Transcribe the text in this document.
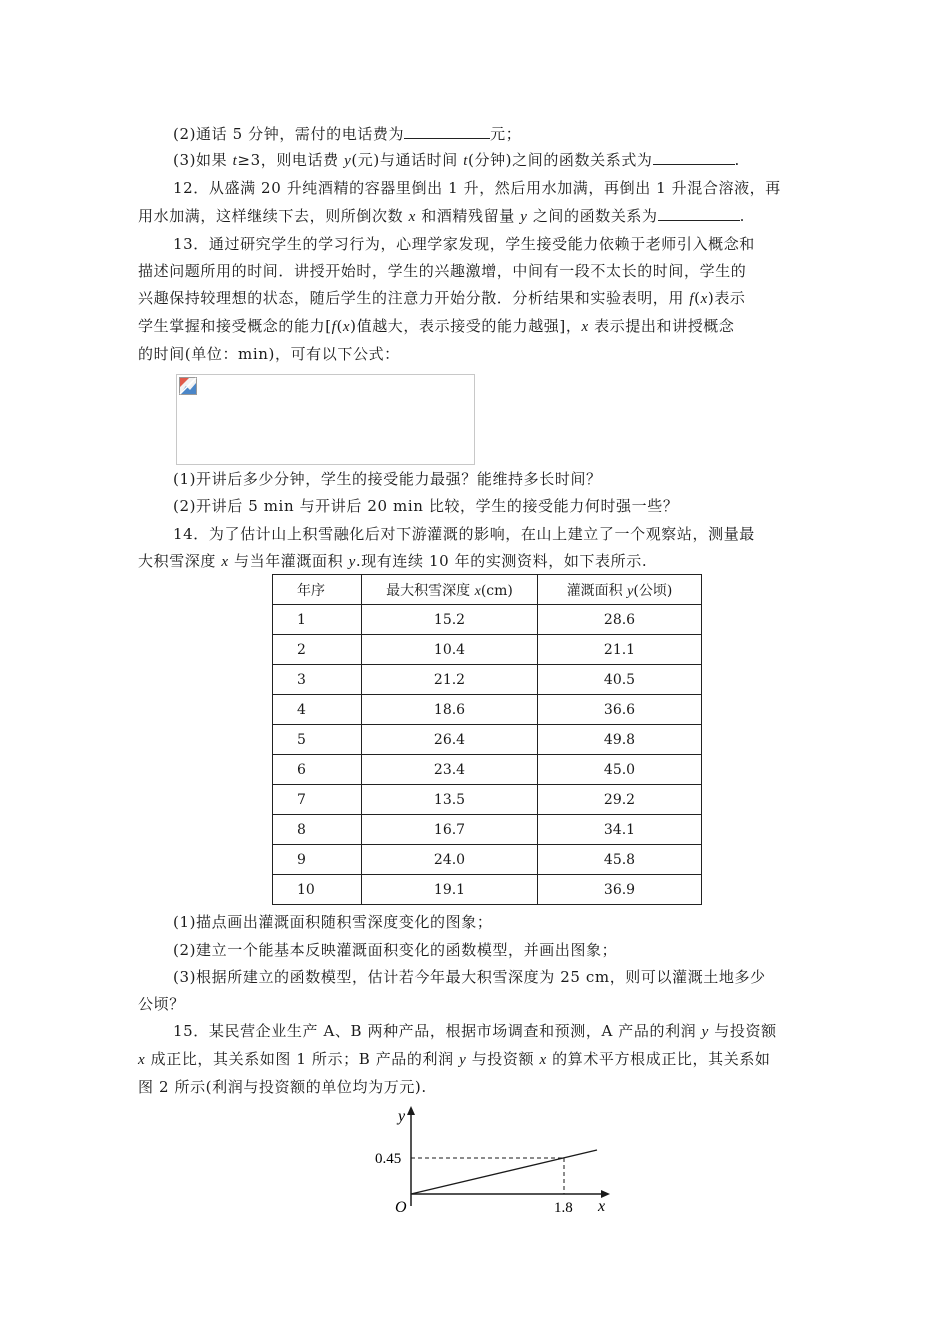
(2)通话 5 分钟，需付的电话费为	元；
(3)如果 t≥3，则电话费 y(元)与通话时间 t(分钟)之间的函数关系式为	.
12．从盛满 20 升纯酒精的容器里倒出 1 升，然后用水加满，再倒出 1 升混合溶液，再
用水加满，这样继续下去，则所倒次数 x 和酒精残留量 y 之间的函数关系为	.
13．通过研究学生的学习行为，心理学家发现，学生接受能力依赖于老师引入概念和
描述问题所用的时间．讲授开始时，学生的兴趣激增，中间有一段不太长的时间，学生的
兴趣保持较理想的状态，随后学生的注意力开始分散．分析结果和实验表明，用 f(x)表示
学生掌握和接受概念的能力[f(x)值越大，表示接受的能力越强]，x 表示提出和讲授概念
的时间(单位：min)，可有以下公式：
(1)开讲后多少分钟，学生的接受能力最强？能维持多长时间？
(2)开讲后 5 min 与开讲后 20 min 比较，学生的接受能力何时强一些？
14．为了估计山上积雪融化后对下游灌溉的影响，在山上建立了一个观察站，测量最
大积雪深度 x 与当年灌溉面积 y.现有连续 10 年的实测资料，如下表所示.
年序	最大积雪深度 x(cm)	灌溉面积 y(公顷)
1	15.2	28.6
2	10.4	21.1
3	21.2	40.5
4	18.6	36.6
5	26.4	49.8
6	23.4	45.0
7	13.5	29.2
8	16.7	34.1
9	24.0	45.8
10	19.1	36.9
(1)描点画出灌溉面积随积雪深度变化的图象；
(2)建立一个能基本反映灌溉面积变化的函数模型，并画出图象；
(3)根据所建立的函数模型，估计若今年最大积雪深度为 25 cm，则可以灌溉土地多少
公顷？
15．某民营企业生产 A、B 两种产品，根据市场调查和预测，A 产品的利润 y 与投资额
x 成正比，其关系如图 1 所示；B 产品的利润 y 与投资额 x 的算术平方根成正比，其关系如
图 2 所示(利润与投资额的单位均为万元).
y
x
O
0.45
1.8
